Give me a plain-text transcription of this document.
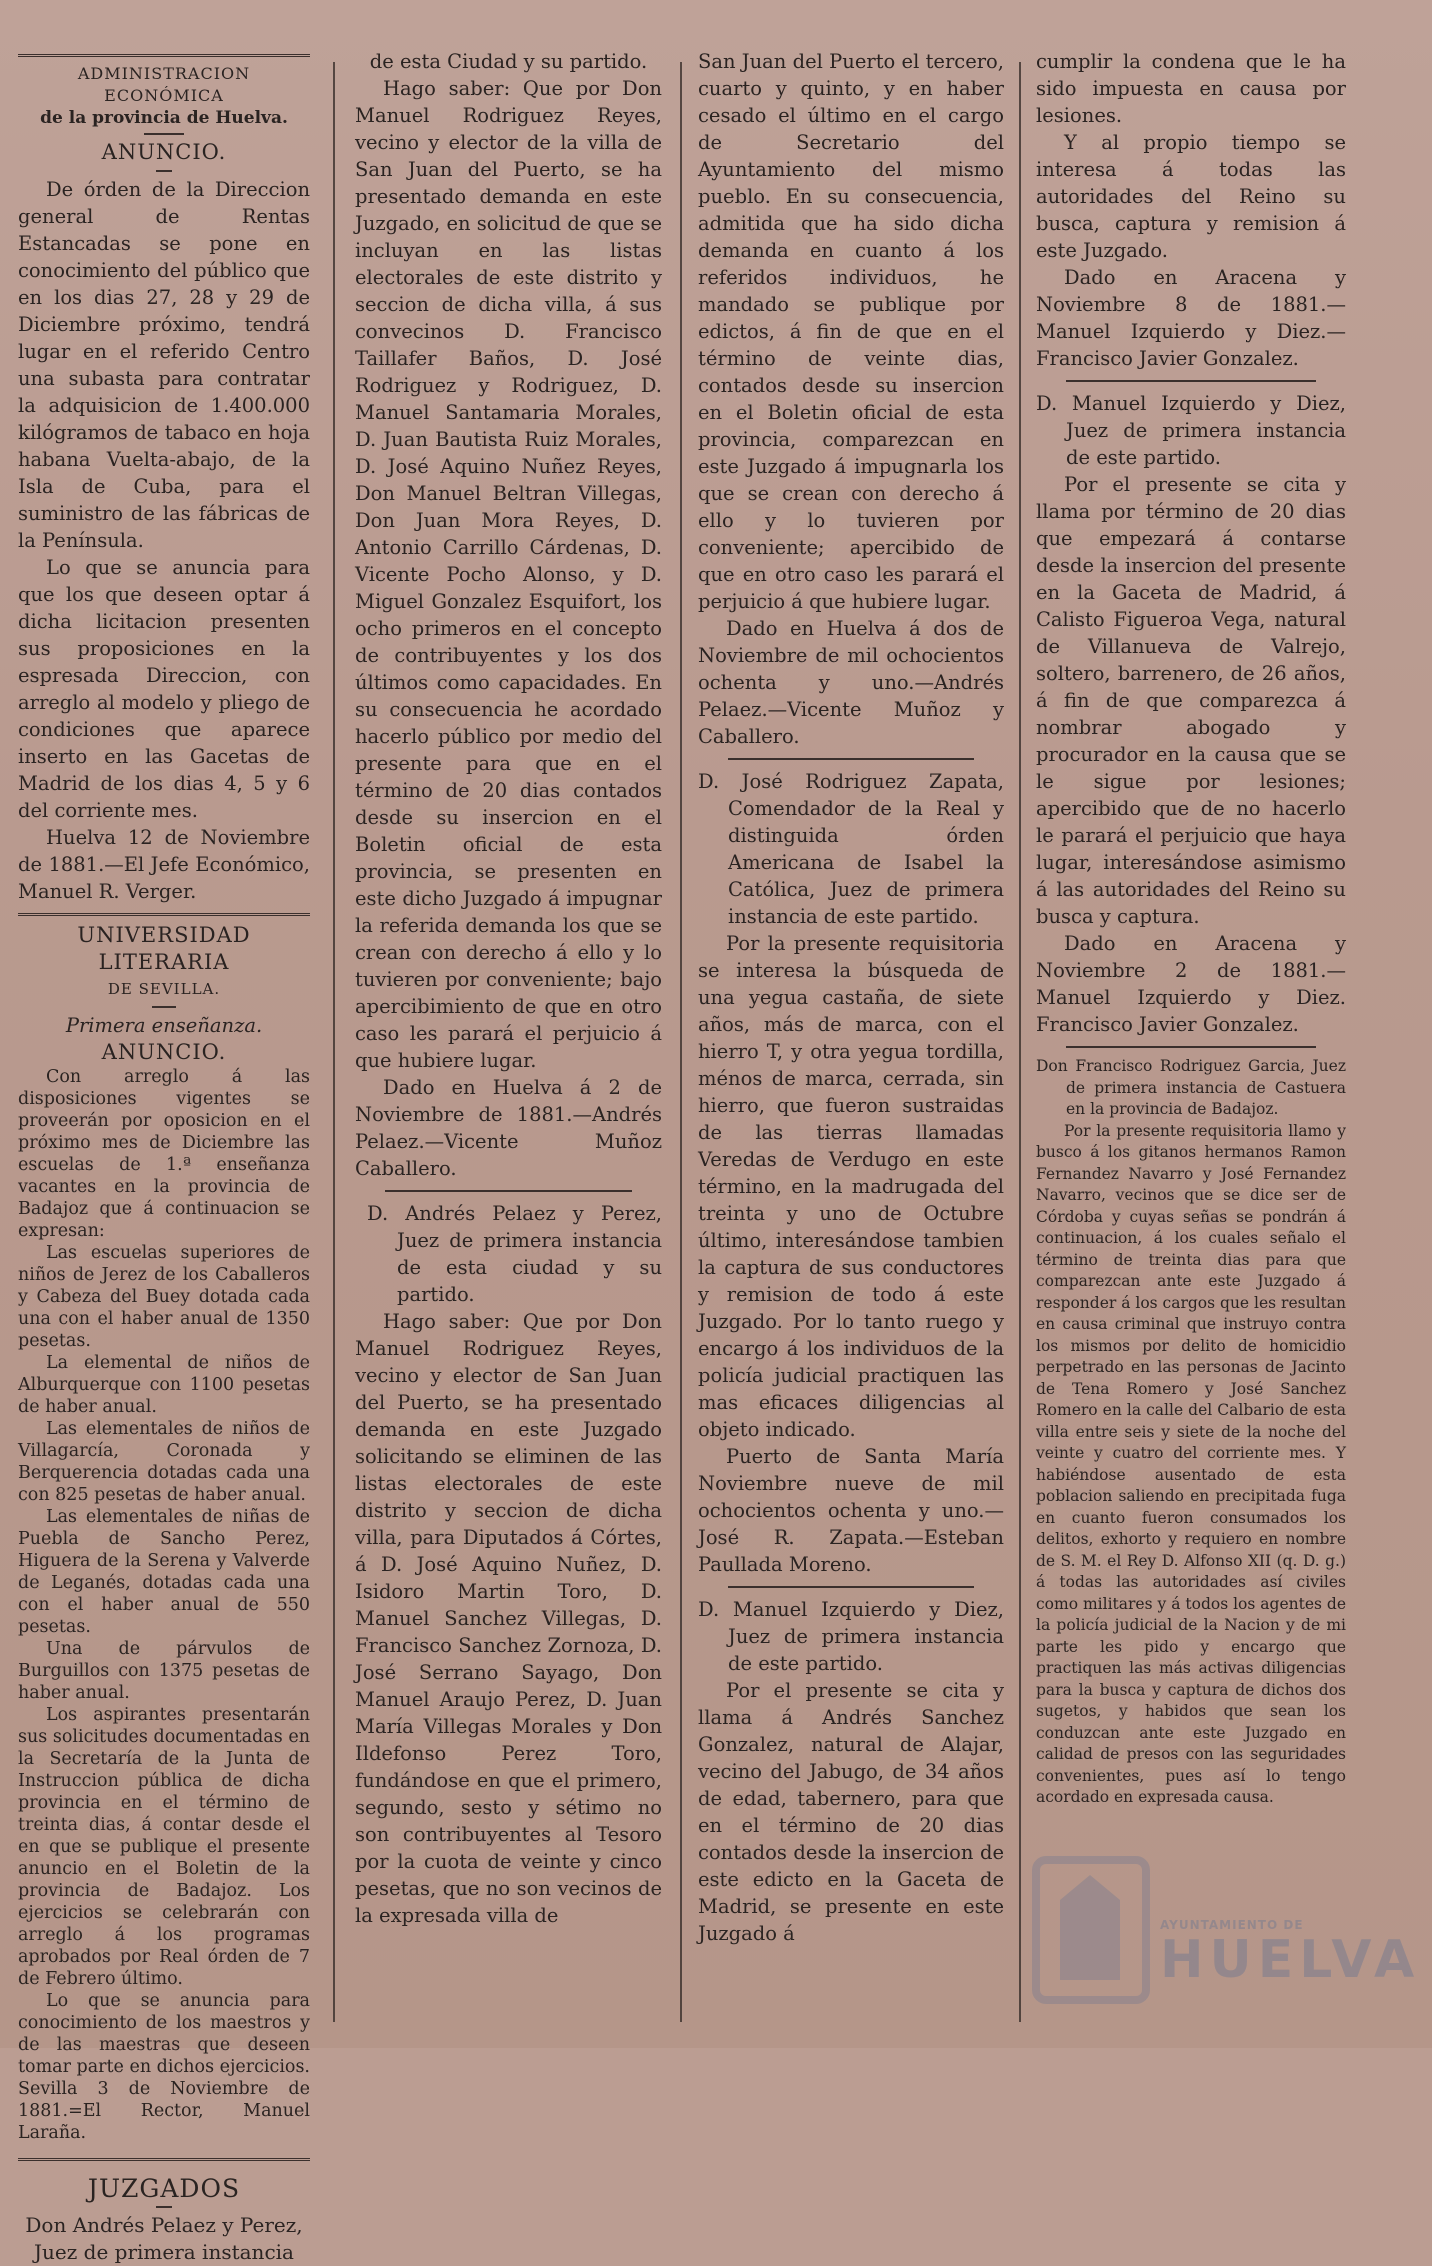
ADMINISTRACION ECONÓMICA

de la provincia de Huelva.

ANUNCIO.

De órden de la Direccion general de Rentas Estancadas se pone en conocimiento del público que en los dias 27, 28 y 29 de Diciembre próximo, tendrá lugar en el referido Centro una subasta para contratar la adquisicion de 1.400.000 kilógramos de tabaco en hoja habana Vuelta-abajo, de la Isla de Cuba, para el suministro de las fábricas de la Península.

Lo que se anuncia para que los que deseen optar á dicha licitacion presenten sus proposiciones en la espresada Direccion, con arreglo al modelo y pliego de condiciones que aparece inserto en las Gacetas de Madrid de los dias 4, 5 y 6 del corriente mes.

Huelva 12 de Noviembre de 1881.—El Jefe Económico, Manuel R. Verger.

UNIVERSIDAD LITERARIA

DE SEVILLA.

Primera enseñanza.

ANUNCIO.

Con arreglo á las disposiciones vigentes se proveerán por oposicion en el próximo mes de Diciembre las escuelas de 1.ª enseñanza vacantes en la provincia de Badajoz que á continuacion se expresan:

Las escuelas superiores de niños de Jerez de los Caballeros y Cabeza del Buey dotada cada una con el haber anual de 1350 pesetas.

La elemental de niños de Alburquerque con 1100 pesetas de haber anual.

Las elementales de niños de Villagarcía, Coronada y Berquerencia dotadas cada una con 825 pesetas de haber anual.

Las elementales de niñas de Puebla de Sancho Perez, Higuera de la Serena y Valverde de Leganés, dotadas cada una con el haber anual de 550 pesetas.

Una de párvulos de Burguillos con 1375 pesetas de haber anual.

Los aspirantes presentarán sus solicitudes documentadas en la Secretaría de la Junta de Instruccion pública de dicha provincia en el término de treinta dias, á contar desde el en que se publique el presente anuncio en el Boletin de la provincia de Badajoz. Los ejercicios se celebrarán con arreglo á los programas aprobados por Real órden de 7 de Febrero último.

Lo que se anuncia para conocimiento de los maestros y de las maestras que deseen tomar parte en dichos ejercicios. Sevilla 3 de Noviembre de 1881.=El Rector, Manuel Laraña.

JUZGADOS

Don Andrés Pelaez y Perez,

Juez de primera instancia

de esta Ciudad y su partido.

Hago saber: Que por Don Manuel Rodriguez Reyes, vecino y elector de la villa de San Juan del Puerto, se ha presentado demanda en este Juzgado, en solicitud de que se incluyan en las listas electorales de este distrito y seccion de dicha villa, á sus convecinos D. Francisco Taillafer Baños, D. José Rodriguez y Rodriguez, D. Manuel Santamaria Morales, D. Juan Bautista Ruiz Morales, D. José Aquino Nuñez Reyes, Don Manuel Beltran Villegas, Don Juan Mora Reyes, D. Antonio Carrillo Cárdenas, D. Vicente Pocho Alonso, y D. Miguel Gonzalez Esquifort, los ocho primeros en el concepto de contribuyentes y los dos últimos como capacidades. En su consecuencia he acordado hacerlo público por medio del presente para que en el término de 20 dias contados desde su insercion en el Boletin oficial de esta provincia, se presenten en este dicho Juzgado á impugnar la referida demanda los que se crean con derecho á ello y lo tuvieren por conveniente; bajo apercibimiento de que en otro caso les parará el perjuicio á que hubiere lugar.

Dado en Huelva á 2 de Noviembre de 1881.—Andrés Pelaez.—Vicente Muñoz Caballero.

D. Andrés Pelaez y Perez, Juez de primera instancia de esta ciudad y su partido.

Hago saber: Que por Don Manuel Rodriguez Reyes, vecino y elector de San Juan del Puerto, se ha presentado demanda en este Juzgado solicitando se eliminen de las listas electorales de este distrito y seccion de dicha villa, para Diputados á Córtes, á D. José Aquino Nuñez, D. Isidoro Martin Toro, D. Manuel Sanchez Villegas, D. Francisco Sanchez Zornoza, D. José Serrano Sayago, Don Manuel Araujo Perez, D. Juan María Villegas Morales y Don Ildefonso Perez Toro, fundándose en que el primero, segundo, sesto y sétimo no son contribuyentes al Tesoro por la cuota de veinte y cinco pesetas, que no son vecinos de la expresada villa de

San Juan del Puerto el tercero, cuarto y quinto, y en haber cesado el último en el cargo de Secretario del Ayuntamiento del mismo pueblo. En su consecuencia, admitida que ha sido dicha demanda en cuanto á los referidos individuos, he mandado se publique por edictos, á fin de que en el término de veinte dias, contados desde su insercion en el Boletin oficial de esta provincia, comparezcan en este Juzgado á impugnarla los que se crean con derecho á ello y lo tuvieren por conveniente; apercibido de que en otro caso les parará el perjuicio á que hubiere lugar.

Dado en Huelva á dos de Noviembre de mil ochocientos ochenta y uno.—Andrés Pelaez.—Vicente Muñoz y Caballero.

D. José Rodriguez Zapata, Comendador de la Real y distinguida órden Americana de Isabel la Católica, Juez de primera instancia de este partido.

Por la presente requisitoria se interesa la búsqueda de una yegua castaña, de siete años, más de marca, con el hierro T, y otra yegua tordilla, ménos de marca, cerrada, sin hierro, que fueron sustraidas de las tierras llamadas Veredas de Verdugo en este término, en la madrugada del treinta y uno de Octubre último, interesándose tambien la captura de sus conductores y remision de todo á este Juzgado. Por lo tanto ruego y encargo á los individuos de la policía judicial practiquen las mas eficaces diligencias al objeto indicado.

Puerto de Santa María Noviembre nueve de mil ochocientos ochenta y uno.—José R. Zapata.—Esteban Paullada Moreno.

D. Manuel Izquierdo y Diez, Juez de primera instancia de este partido.

Por el presente se cita y llama á Andrés Sanchez Gonzalez, natural de Alajar, vecino del Jabugo, de 34 años de edad, tabernero, para que en el término de 20 dias contados desde la insercion de este edicto en la Gaceta de Madrid, se presente en este Juzgado á

cumplir la condena que le ha sido impuesta en causa por lesiones.

Y al propio tiempo se interesa á todas las autoridades del Reino su busca, captura y remision á este Juzgado.

Dado en Aracena y Noviembre 8 de 1881.—Manuel Izquierdo y Diez.—Francisco Javier Gonzalez.

D. Manuel Izquierdo y Diez, Juez de primera instancia de este partido.

Por el presente se cita y llama por término de 20 dias que empezará á contarse desde la insercion del presente en la Gaceta de Madrid, á Calisto Figueroa Vega, natural de Villanueva de Valrejo, soltero, barrenero, de 26 años, á fin de que comparezca á nombrar abogado y procurador en la causa que se le sigue por lesiones; apercibido que de no hacerlo le parará el perjuicio que haya lugar, interesándose asimismo á las autoridades del Reino su busca y captura.

Dado en Aracena y Noviembre 2 de 1881.—Manuel Izquierdo y Diez. Francisco Javier Gonzalez.

Don Francisco Rodriguez Garcia, Juez de primera instancia de Castuera en la provincia de Badajoz.

Por la presente requisitoria llamo y busco á los gitanos hermanos Ramon Fernandez Navarro y José Fernandez Navarro, vecinos que se dice ser de Córdoba y cuyas señas se pondrán á continuacion, á los cuales señalo el término de treinta dias para que comparezcan ante este Juzgado á responder á los cargos que les resultan en causa criminal que instruyo contra los mismos por delito de homicidio perpetrado en las personas de Jacinto de Tena Romero y José Sanchez Romero en la calle del Calbario de esta villa entre seis y siete de la noche del veinte y cuatro del corriente mes. Y habiéndose ausentado de esta poblacion saliendo en precipitada fuga en cuanto fueron consumados los delitos, exhorto y requiero en nombre de S. M. el Rey D. Alfonso XII (q. D. g.) á todas las autoridades así civiles como militares y á todos los agentes de la policía judicial de la Nacion y de mi parte les pido y encargo que practiquen las más activas diligencias para la busca y captura de dichos dos sugetos, y habidos que sean los conduzcan ante este Juzgado en calidad de presos con las seguridades convenientes, pues así lo tengo acordado en expresada causa.

AYUNTAMIENTO DE
HUELVA
